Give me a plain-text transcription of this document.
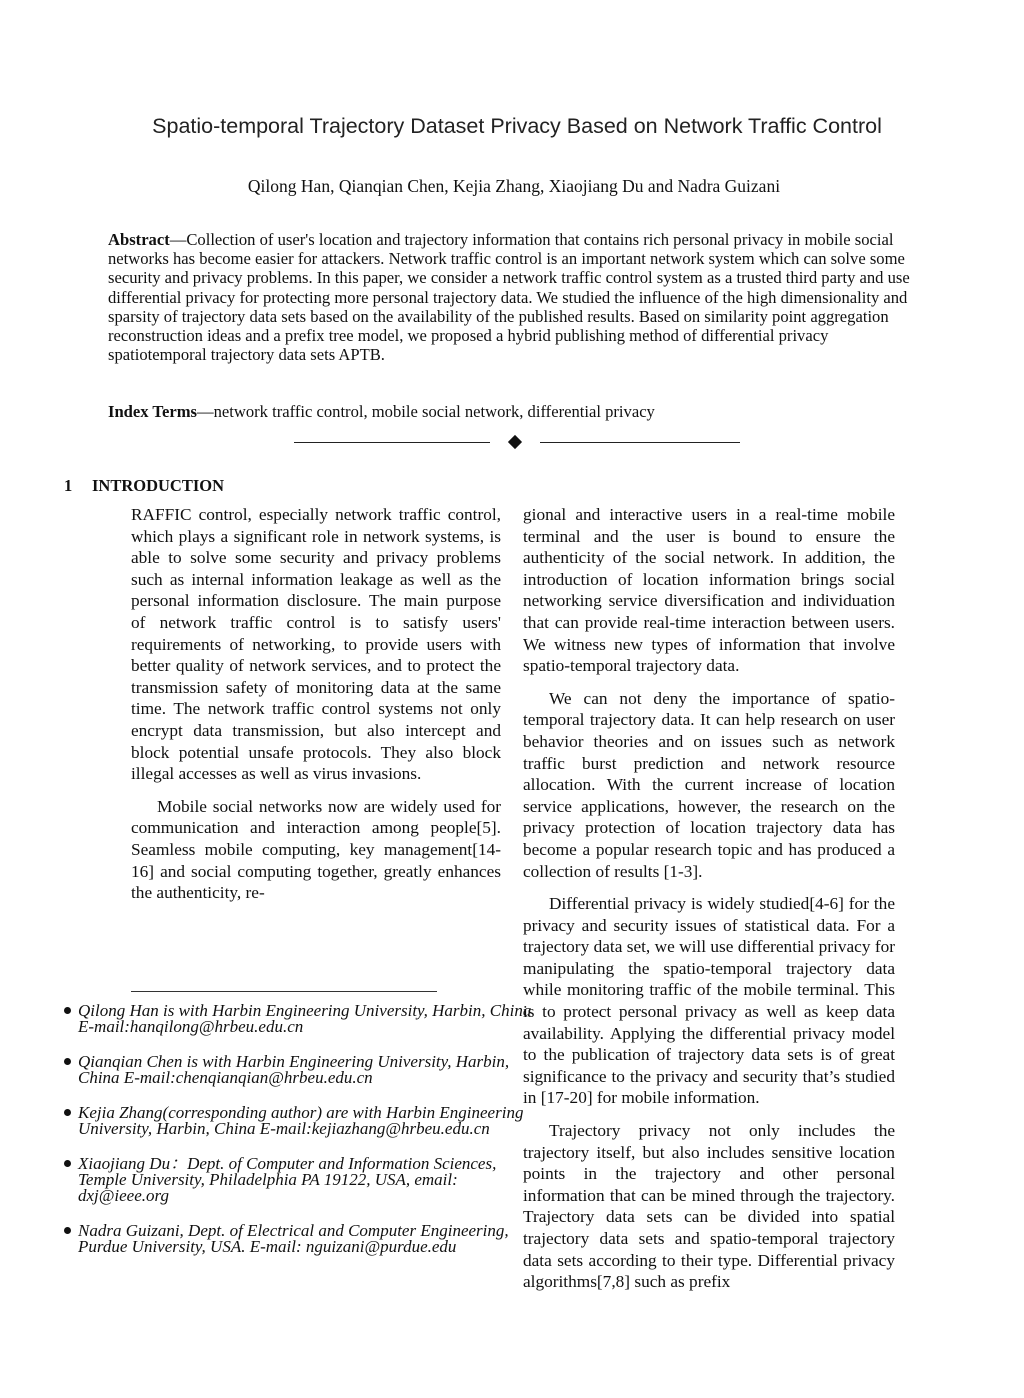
Spatio-temporal Trajectory Dataset Privacy Based on Network Traffic Control

Qilong Han, Qianqian Chen, Kejia Zhang, Xiaojiang Du and Nadra Guizani

Abstract—Collection of user's location and trajectory information that contains rich personal privacy in mobile social networks has become easier for attackers. Network traffic control is an important network system which can solve some security and privacy problems. In this paper, we consider a network traffic control system as a trusted third party and use differential privacy for protecting more personal trajectory data. We studied the influence of the high dimensionality and sparsity of trajectory data sets based on the availability of the published results. Based on similarity point aggregation reconstruction ideas and a prefix tree model, we proposed a hybrid publishing method of differential privacy spatiotemporal trajectory data sets APTB.

Index Terms—network traffic control, mobile social network, differential privacy

1 INTRODUCTION

RAFFIC control, especially network traffic control, which plays a significant role in network systems, is able to solve some security and privacy problems such as internal information leakage as well as the personal information disclosure. The main purpose of network traffic control is to satisfy users' requirements of networking, to provide users with better quality of network services, and to protect the transmission safety of monitoring data at the same time. The network traffic control systems not only encrypt data transmission, but also intercept and block potential unsafe protocols. They also block illegal accesses as well as virus invasions.

Mobile social networks now are widely used for communication and interaction among people[5]. Seamless mobile computing, key management[14-16] and social computing together, greatly enhances the authenticity, re-

gional and interactive users in a real-time mobile terminal and the user is bound to ensure the authenticity of the social network. In addition, the introduction of location information brings social networking service diversification and individuation that can provide real-time interaction between users. We witness new types of information that involve spatio-temporal trajectory data.

We can not deny the importance of spatio-temporal trajectory data. It can help research on user behavior theories and on issues such as network traffic burst prediction and network resource allocation. With the current increase of location service applications, however, the research on the privacy protection of location trajectory data has become a popular research topic and has produced a collection of results [1-3].

Differential privacy is widely studied[4-6] for the privacy and security issues of statistical data. For a trajectory data set, we will use differential privacy for manipulating the spatio-temporal trajectory data while monitoring traffic of the mobile terminal. This is to protect personal privacy as well as keep data availability. Applying the differential privacy model to the publication of trajectory data sets is of great significance to the privacy and security that’s studied in [17-20] for mobile information.

Trajectory privacy not only includes the trajectory itself, but also includes sensitive location points in the trajectory and other personal information that can be mined through the trajectory. Trajectory data sets can be divided into spatial trajectory data sets and spatio-temporal trajectory data sets according to their type. Differential privacy algorithms[7,8] such as prefix

Qilong Han is with Harbin Engineering University, Harbin, China E-mail:hanqilong@hrbeu.edu.cn
Qianqian Chen is with Harbin Engineering University, Harbin, China E-mail:chenqianqian@hrbeu.edu.cn
Kejia Zhang(corresponding author) are with Harbin Engineering University, Harbin, China E-mail:kejiazhang@hrbeu.edu.cn
Xiaojiang Du：Dept. of Computer and Information Sciences, Temple University, Philadelphia PA 19122, USA, email: dxj@ieee.org
Nadra Guizani, Dept. of Electrical and Computer Engineering, Purdue University, USA. E-mail: nguizani@purdue.edu
